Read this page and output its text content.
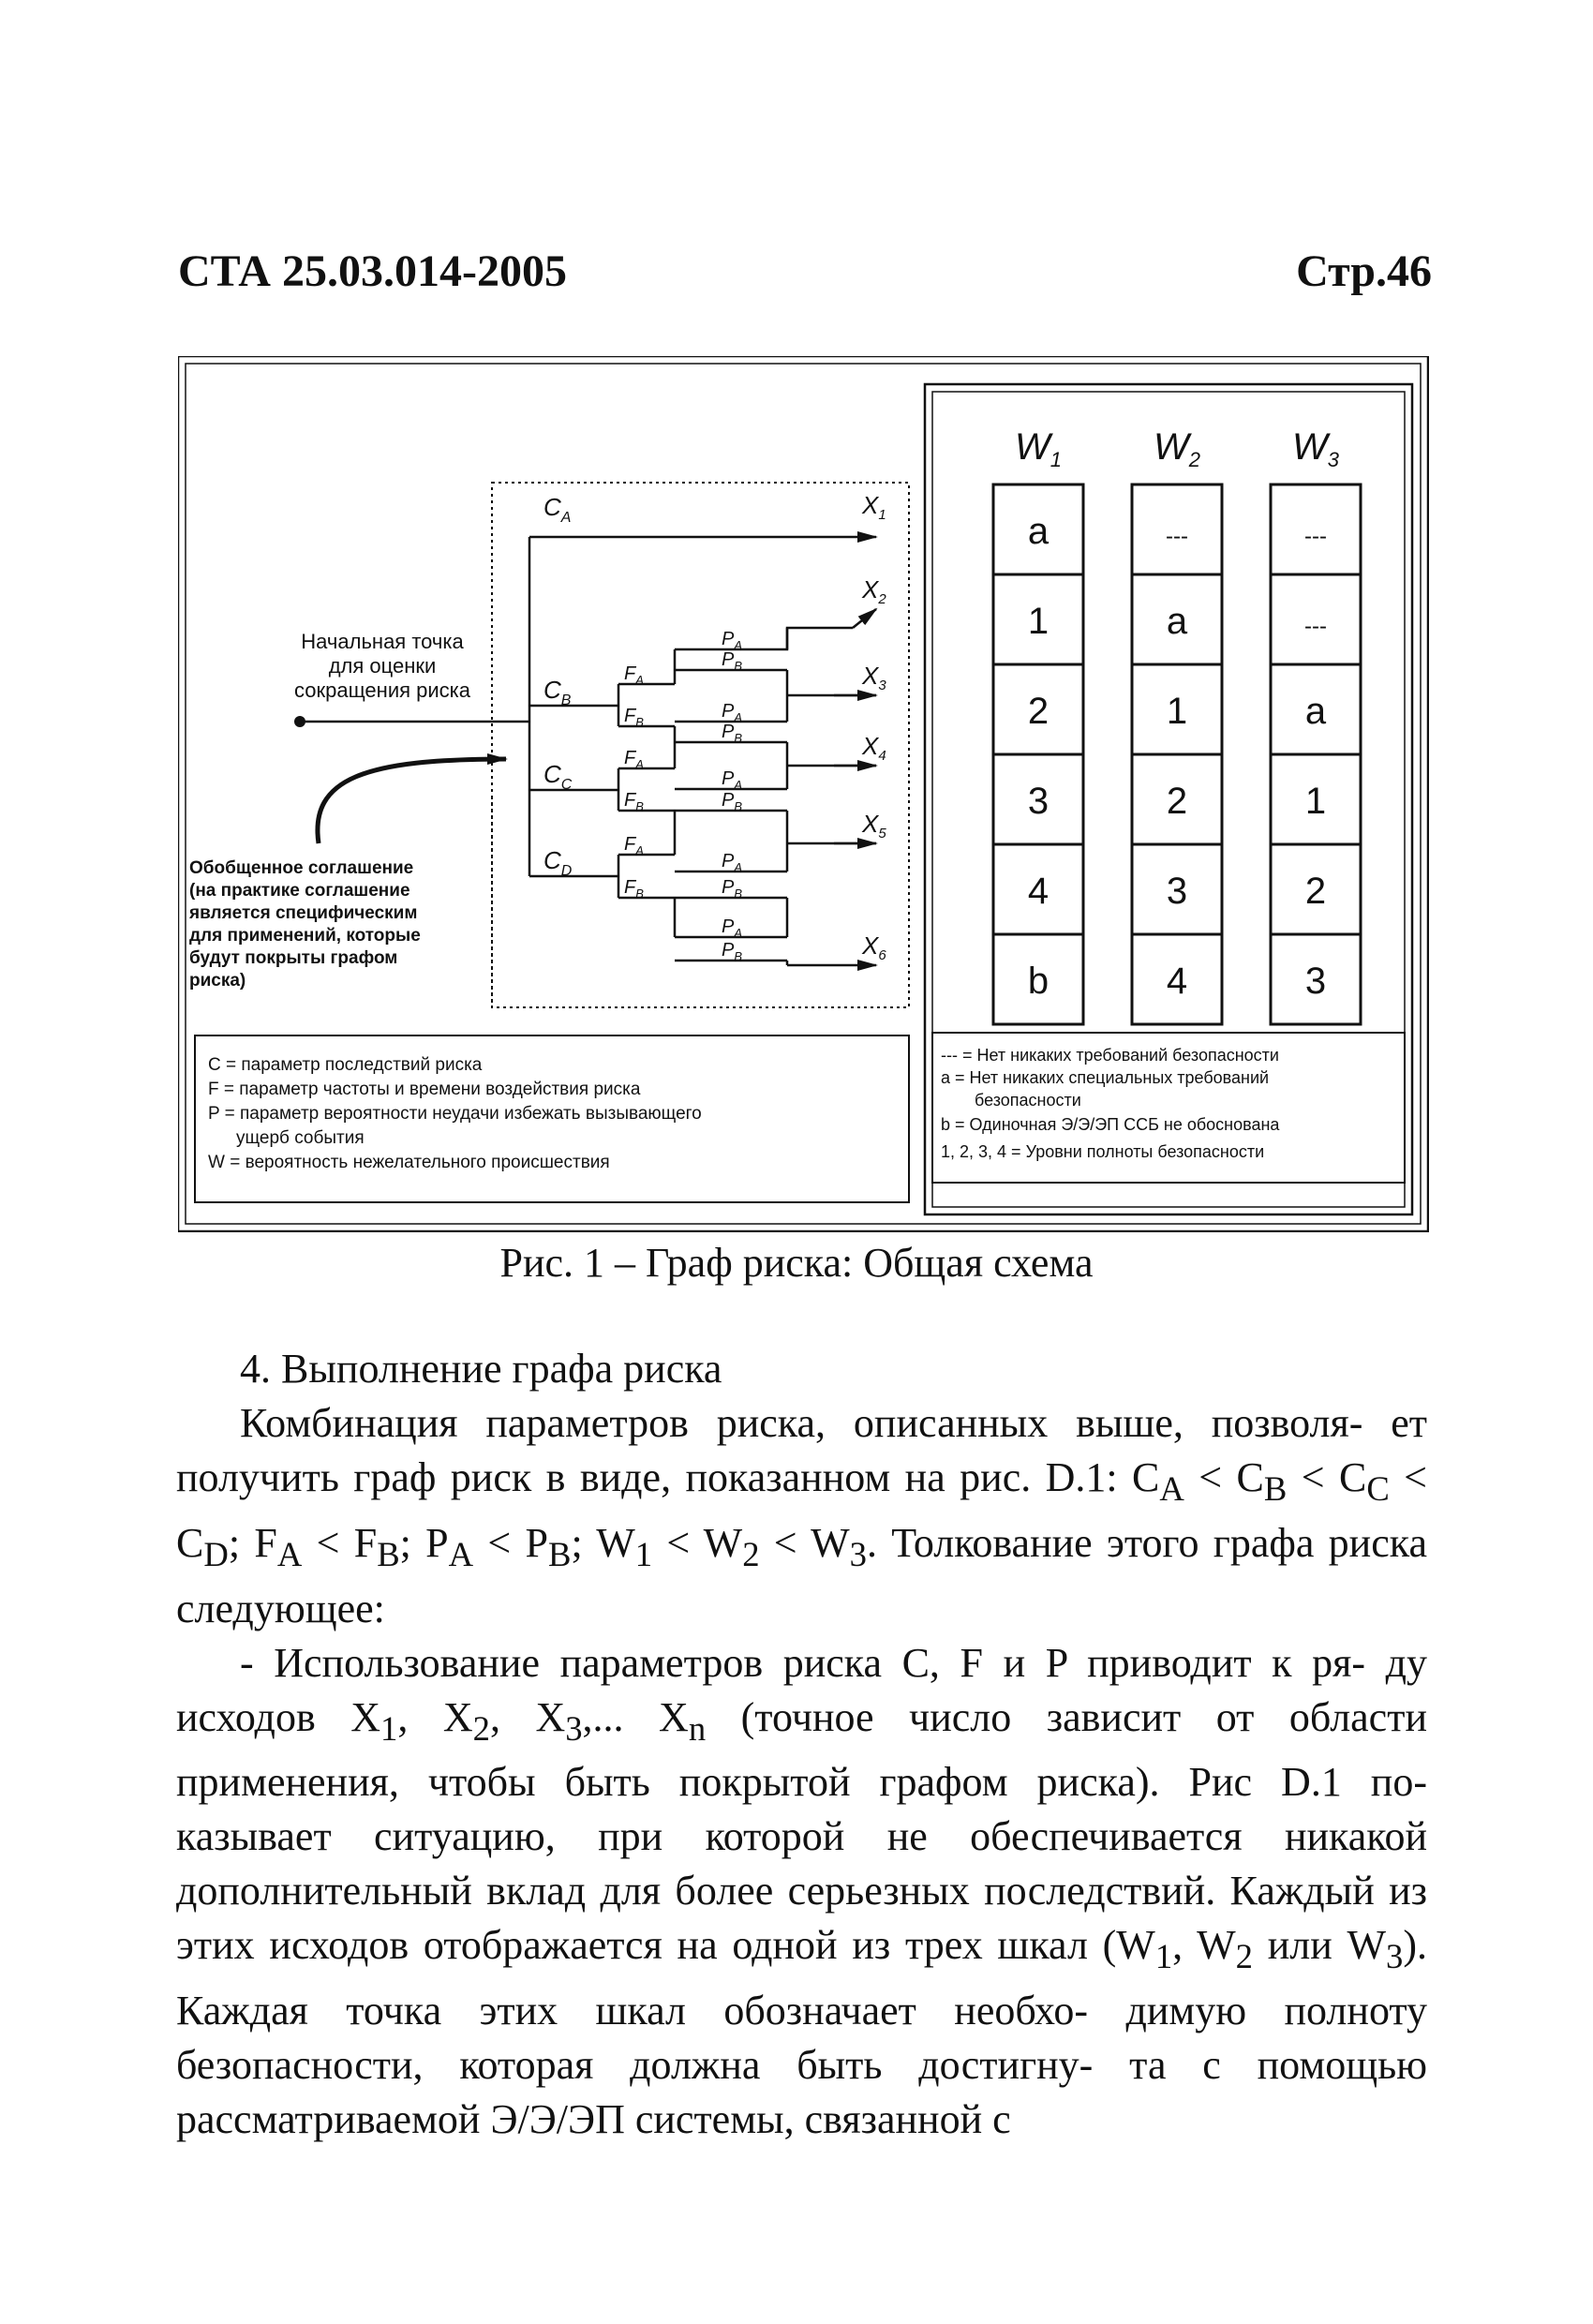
СТА 25.03.014-2005	Стр.46
Начальная точка
для оценки
сокращения риска
Обобщенное соглашение
(на практике соглашение
является специфическим
для применений, которые
будут покрыты графом
риска)
$C_A$
$C_B$
$C_C$
$C_D$
$F_A$
$F_B$
$F_A$
$F_B$
$F_A$
$F_B$
$P_A$
$P_B$
$P_A$
$P_B$
$P_A$
$P_B$
$P_A$
$P_B$
$P_A$
$P_B$
$X_1$
$X_2$
$X_3$
$X_4$
$X_5$
$X_6$
C = параметр последствий риска
F = параметр частоты и времени воздействия риска
P = параметр вероятности неудачи избежать вызывающего
ущерб события
W = вероятность нежелательного происшествия
$W_1$ $W_2$ $W_3$
a
1
2
3
4
b
---
a
1
2
3
4
---
---
a
1
2
3
--- = Нет никаких требований безопасности
a = Нет никаких специальных требований
безопасности
b = Одиночная Э/Э/ЭП ССБ не обоснована
1, 2, 3, 4 = Уровни полноты безопасности
Рис. 1 – Граф риска: Общая схема

4. Выполнение графа риска

Комбинация параметров риска, описанных выше, позволя- ет получить граф риск в виде, показанном на рис. D.1: $C_A < C_B < C_C < C_D$; $F_A < F_B$; $P_A < P_B$; $W_1 < W_2 < W_3$. Толкование этого графа риска следующее:

- Использование параметров риска C, F и P приводит к ря- ду исходов $X_1$, $X_2$, $X_3$,... $X_n$ (точное число зависит от области применения, чтобы быть покрытой графом риска). Рис D.1 по- казывает ситуацию, при которой не обеспечивается никакой дополнительный вклад для более серьезных последствий. Каждый из этих исходов отображается на одной из трех шкал ($W_1$, $W_2$ или $W_3$). Каждая точка этих шкал обозначает необхо- димую полноту безопасности, которая должна быть достигну- та с помощью рассматриваемой Э/Э/ЭП системы, связанной с
